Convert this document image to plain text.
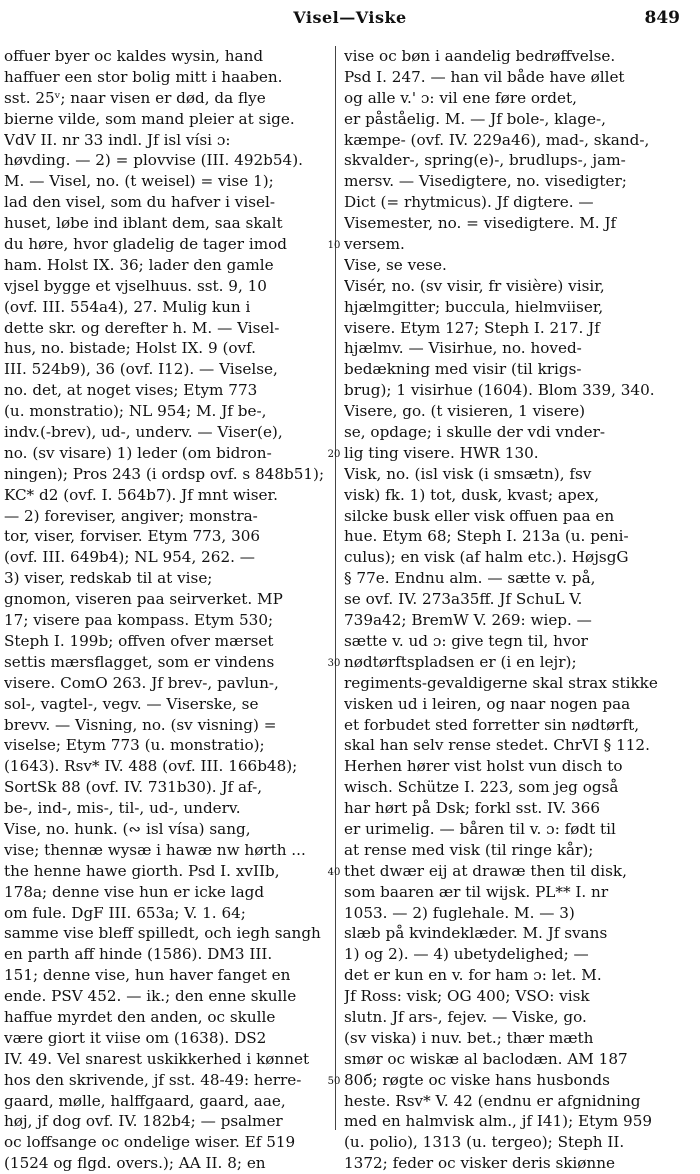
Visel—Viske	849
10
20
30
40
50
offuer byer oc kaldes wysin, hand
haffuer een stor bolig mitt i haaben.
sst. 25ᵛ; naar visen er død, da flye
bierne vilde, som mand pleier at sige.
VdV II. nr 33 indl. Jf isl vísi ɔ:
høvding. — 2) = plovvise (III. 492b54).
M. — Visel, no. (t weisel) = vise 1);
lad den visel, som du hafver i visel-
huset, løbe ind iblant dem, saa skalt
du høre, hvor gladelig de tager imod
ham. Holst IX. 36; lader den gamle
vjsel bygge et vjselhuus. sst. 9, 10
(ovf. III. 554a4), 27. Mulig kun i
dette skr. og derefter h. M. — Visel-
hus, no. bistade; Holst IX. 9 (ovf.
III. 524b9), 36 (ovf. I12). — Viselse,
no. det, at noget vises; Etym 773
(u. monstratio); NL 954; M. Jf be-,
indv.(-brev), ud-, underv. — Viser(e),
no. (sv visare) 1) leder (om bidron-
ningen); Pros 243 (i ordsp ovf. s 848b51);
KC* d2 (ovf. I. 564b7). Jf mnt wiser.
— 2) foreviser, angiver; monstra-
tor, viser, forviser. Etym 773, 306
(ovf. III. 649b4); NL 954, 262. —
3) viser, redskab til at vise;
gnomon, viseren paa seirverket. MP
17; visere paa kompass. Etym 530;
Steph I. 199b; offven ofver mærset
settis mærsflagget, som er vindens
visere. ComO 263. Jf brev-, pavlun-,
sol-, vagtel-, vegv. — Viserske, se
brevv. — Visning, no. (sv visning) =
viselse; Etym 773 (u. monstratio);
(1643). Rsv* IV. 488 (ovf. III. 166b48);
SortSk 88 (ovf. IV. 731b30). Jf af-,
be-, ind-, mis-, til-, ud-, underv.
Vise, no. hunk. (∾ isl vísa) sang,
vise; thennæ wysæ i hawæ nw hørth ...
the henne hawe giorth. Psd I. xvIIb,
178a; denne vise hun er icke lagd
om fule. DgF III. 653a; V. 1. 64;
samme vise bleff spilledt, och iegh sangh
en parth aff hinde (1586). DM3 III.
151; denne vise, hun haver fanget en
ende. PSV 452. — ik.; den enne skulle
haffue myrdet den anden, oc skulle
være giort it viise om (1638). DS2
IV. 49. Vel snarest uskikkerhed i kønnet
hos den skrivende, jf sst. 48-49: herre-
gaard, mølle, halffgaard, gaard, aae,
høj, jf dog ovf. IV. 182b4; — psalmer
oc loffsange oc ondelige wiser. Ef 519
(1524 og flgd. overs.); AA II. 8; en
vise oc bøn i aandelig bedrøffvelse.
Psd I. 247. — han vil både have øllet
og alle v.' ɔ: vil ene føre ordet,
er påståelig. M. — Jf bole-, klage-,
kæmpe- (ovf. IV. 229a46), mad-, skand-,
skvalder-, spring(e)-, brudlups-, jam-
mersv. — Visedigtere, no. visedigter;
Dict (= rhytmicus). Jf digtere. —
Visemester, no. = visedigtere. M. Jf
versem.
Vise, se vese.
Visér, no. (sv visir, fr visière) visir,
hjælmgitter; buccula, hielmviiser,
visere. Etym 127; Steph I. 217. Jf
hjælmv. — Visirhue, no. hoved-
bedækning med visir (til krigs-
brug); 1 visirhue (1604). Blom 339, 340.
Visere, go. (t visieren, 1 visere)
se, opdage; i skulle der vdi vnder-
lig ting visere. HWR 130.
Visk, no. (isl visk (i smsætn), fsv
visk) fk. 1) tot, dusk, kvast; apex,
silcke busk eller visk offuen paa en
hue. Etym 68; Steph I. 213a (u. peni-
culus); en visk (af halm etc.). HøjsgG
§ 77e. Endnu alm. — sætte v. på,
se ovf. IV. 273a35ff. Jf SchuL V.
739a42; BremW V. 269: wiep. —
sætte v. ud ɔ: give tegn til, hvor
nødtørftspladsen er (i en lejr);
regiments-gevaldigerne skal strax stikke
visken ud i leiren, og naar nogen paa
et forbudet sted forretter sin nødtørft,
skal han selv rense stedet. ChrVI § 112.
Herhen hører vist holst vun disch to
wisch. Schütze I. 223, som jeg også
har hørt på Dsk; forkl sst. IV. 366
er urimelig. — båren til v. ɔ: født til
at rense med visk (til ringe kår);
thet dwær eij at drawæ then til disk,
som baaren ær til wijsk. PL** I. nr
1053. — 2) fuglehale. M. — 3)
slæb på kvindeklæder. M. Jf svans
1) og 2). — 4) ubetydelighed; —
det er kun en v. for ham ɔ: let. M.
Jf Ross: visk; OG 400; VSO: visk
slutn. Jf ars-, fejev. — Viske, go.
(sv viska) i nuv. bet.; thær mæth
smør oc wiskæ al baclodæn. AM 187
80б; røgte oc viske hans husbonds
heste. Rsv* V. 42 (endnu er afgnidning
med en halmvisk alm., jf I41); Etym 959
(u. polio), 1313 (u. tergeo); Steph II.
1372; feder oc visker deris skiønne
